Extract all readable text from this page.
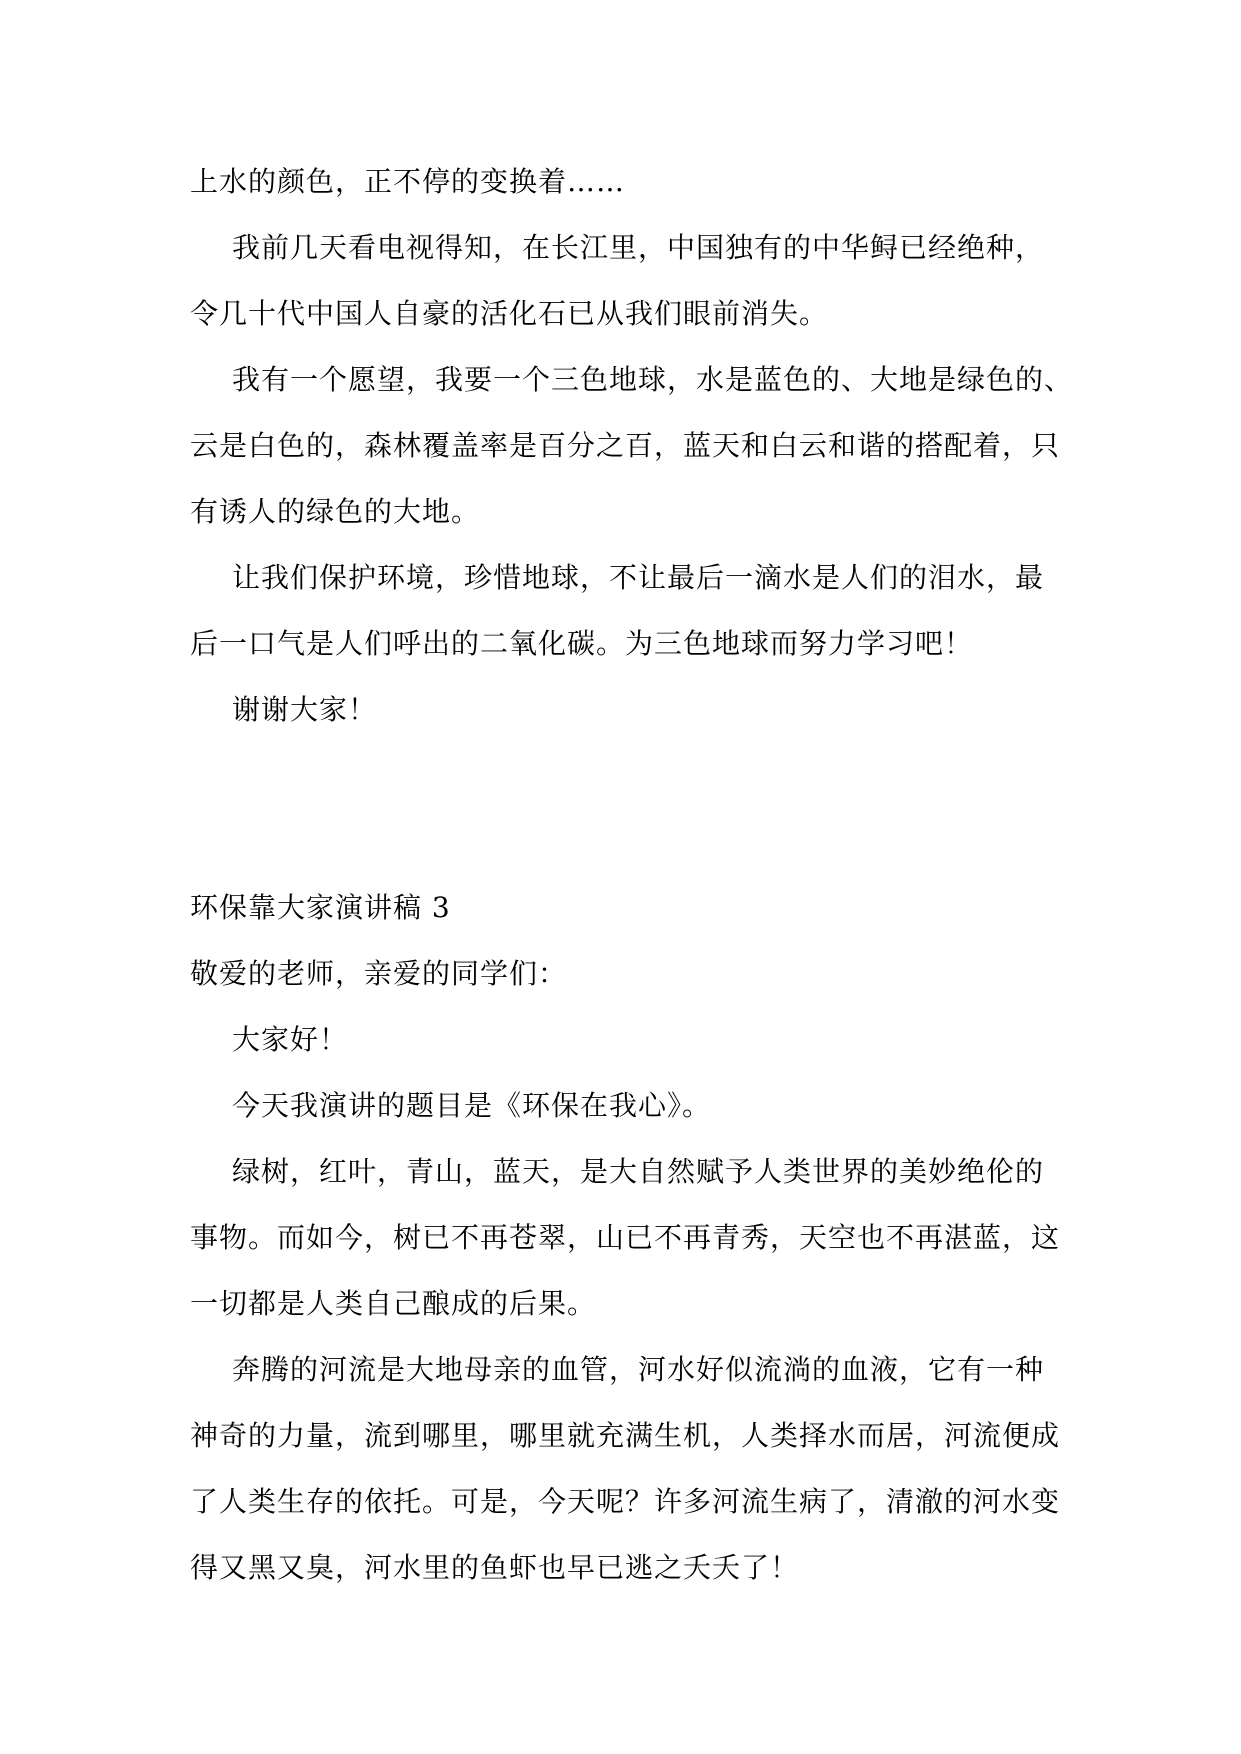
上水的颜色，正不停的变换着……

我前几天看电视得知，在长江里，中国独有的中华鲟已经绝种，

令几十代中国人自豪的活化石已从我们眼前消失。

我有一个愿望，我要一个三色地球，水是蓝色的、大地是绿色的、

云是白色的，森林覆盖率是百分之百，蓝天和白云和谐的搭配着，只

有诱人的绿色的大地。

让我们保护环境，珍惜地球，不让最后一滴水是人们的泪水，最

后一口气是人们呼出的二氧化碳。为三色地球而努力学习吧！

谢谢大家！

环保靠大家演讲稿 3

敬爱的老师，亲爱的同学们：

大家好！

今天我演讲的题目是《环保在我心》。

绿树，红叶，青山，蓝天，是大自然赋予人类世界的美妙绝伦的

事物。而如今，树已不再苍翠，山已不再青秀，天空也不再湛蓝，这

一切都是人类自己酿成的后果。

奔腾的河流是大地母亲的血管，河水好似流淌的血液，它有一种

神奇的力量，流到哪里，哪里就充满生机，人类择水而居，河流便成

了人类生存的依托。可是，今天呢？许多河流生病了，清澈的河水变

得又黑又臭，河水里的鱼虾也早已逃之夭夭了！
